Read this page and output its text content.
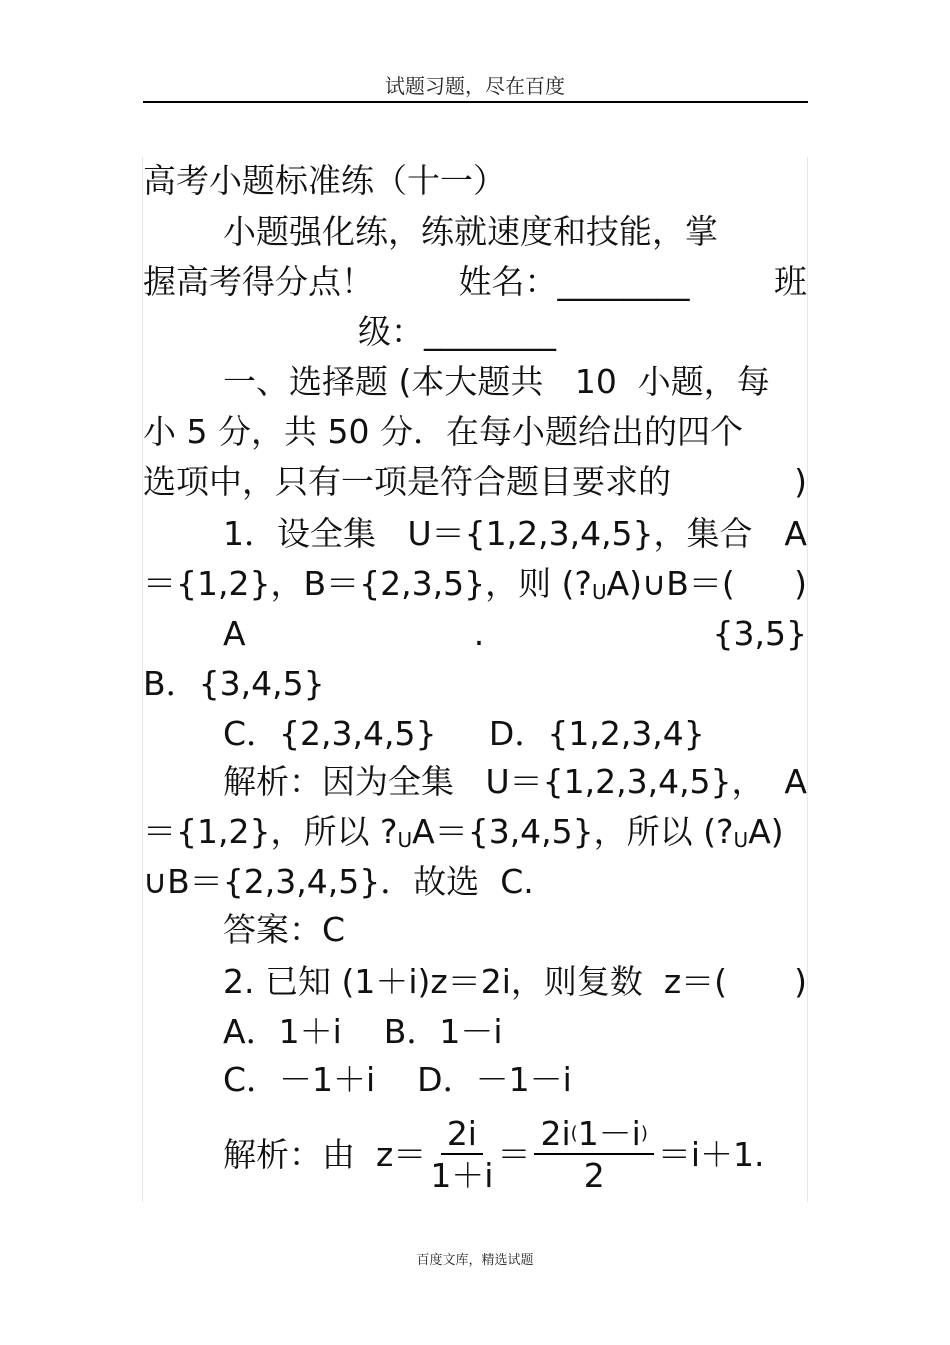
试题习题，尽在百度
高考小题标准练（十一）
小题强化练，练就速度和技能，掌
握高考得分点！	姓名：________	班
级：________
一、选择题 (本大题共   10  小题，每
小 5 分，共 50 分．在每小题给出的四个
选项中，只有一项是符合题目要求的	)
1．设全集   U＝{1,2,3,4,5}，集合 A
＝{1,2}，B＝{2,3,5}，则 $(?_UA)\cup B=$( )
A	.	{3,5}
B．{3,4,5}
C．{2,3,4,5}     D．{1,2,3,4}
解析：因为全集   U＝{1,2,3,4,5}， A
＝{1,2}，所以 $?_UA=\{3,4,5\}$，所以 $(?_UA)$
∪B＝{2,3,4,5}．故选  C.
答案：C
2. 已知 (1＋i)z＝2i，则复数  z＝( )
A．1＋i    B．1－i
C．－1＋i    D．－1－i
解析：由  $z= \frac{2i}{1+i} = \frac{2i(1-i)}{2} =i+1$.
百度文库，精选试题
